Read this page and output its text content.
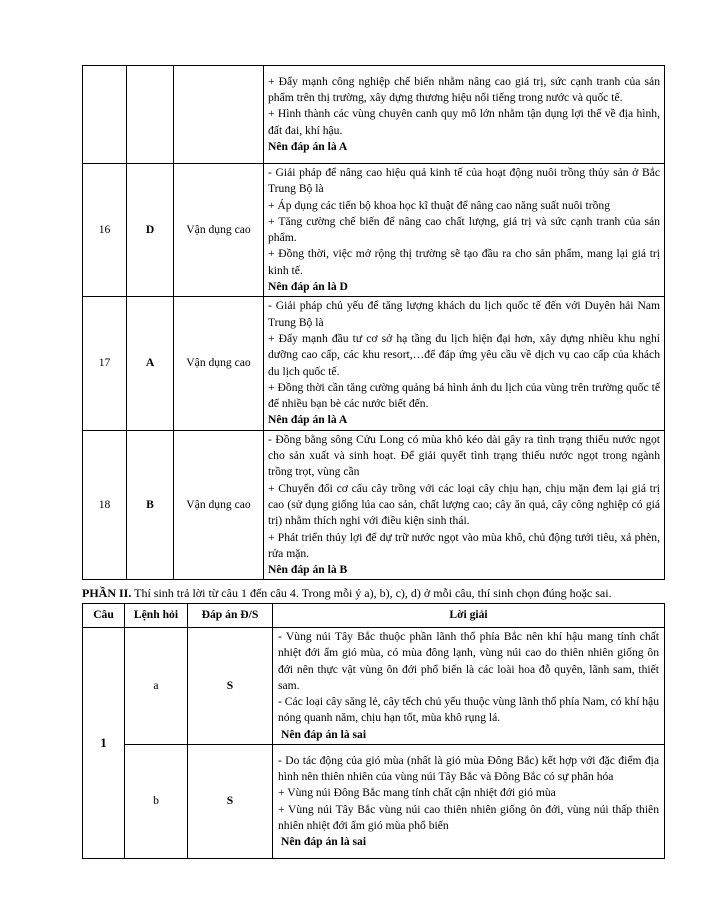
			+ Đẩy mạnh công nghiệp chế biến nhằm nâng cao giá trị, sức cạnh tranh của sản phẩm trên thị trường, xây dựng thương hiệu nổi tiếng trong nước và quốc tế.
+ Hình thành các vùng chuyên canh quy mô lớn nhằm tận dụng lợi thế về địa hình, đất đai, khí hậu.
Nên đáp án là A

16	D	Vận dụng cao	- Giải pháp để nâng cao hiệu quả kinh tế của hoạt động nuôi trồng thủy sản ở Bắc Trung Bộ là
+ Áp dụng các tiến bộ khoa học kĩ thuật để nâng cao năng suất nuôi trồng
+ Tăng cường chế biến để nâng cao chất lượng, giá trị và sức cạnh tranh của sản phẩm.
+ Đồng thời, việc mở rộng thị trường sẽ tạo đầu ra cho sản phẩm, mang lại giá trị kinh tế.
Nên đáp án là D

17	A	Vận dụng cao	- Giải pháp chủ yếu để tăng lượng khách du lịch quốc tế đến với Duyên hải Nam Trung Bộ là
+ Đẩy mạnh đầu tư cơ sở hạ tầng du lịch hiện đại hơn, xây dựng nhiều khu nghỉ dưỡng cao cấp, các khu resort,…để đáp ứng yêu cầu về dịch vụ cao cấp của khách du lịch quốc tế.
+ Đồng thời cần tăng cường quảng bá hình ảnh du lịch của vùng trên trường quốc tế để nhiều bạn bè các nước biết đến.
Nên đáp án là A

18	B	Vận dụng cao	- Đồng bằng sông Cửu Long có mùa khô kéo dài gây ra tình trạng thiếu nước ngọt cho sản xuất và sinh hoạt. Để giải quyết tình trạng thiếu nước ngọt trong ngành trồng trọt, vùng cần
+ Chuyển đổi cơ cấu cây trồng với các loại cây chịu hạn, chịu mặn đem lại giá trị cao (sử dụng giống lúa cao sản, chất lượng cao; cây ăn quả, cây công nghiệp có giá trị) nhằm thích nghi với điều kiện sinh thái.
+ Phát triển thủy lợi để dự trữ nước ngọt vào mùa khô, chủ động tưới tiêu, xả phèn, rửa mặn.
Nên đáp án là B
PHẦN II. Thí sinh trả lời từ câu 1 đến câu 4. Trong mỗi ý a), b), c), d) ở mỗi câu, thí sinh chọn đúng hoặc sai.
Câu	Lệnh hỏi	Đáp án Đ/S	Lời giải
1	a	S	- Vùng núi Tây Bắc thuộc phần lãnh thổ phía Bắc nên khí hậu mang tính chất nhiệt đới ẩm gió mùa, có mùa đông lạnh, vùng núi cao do thiên nhiên giống ôn đới nên thực vật vùng ôn đới phổ biến là các loài hoa đỗ quyên, lãnh sam, thiết sam.
- Các loại cây săng lẻ, cây tếch chủ yếu thuộc vùng lãnh thổ phía Nam, có khí hậu nóng quanh năm, chịu hạn tốt, mùa khô rụng lá.
Nên đáp án là sai

	b	S	- Do tác động của gió mùa (nhất là gió mùa Đông Bắc) kết hợp với đặc điểm địa hình nên thiên nhiên của vùng núi Tây Bắc và Đông Bắc có sự phân hóa
+ Vùng núi Đông Bắc mang tính chất cận nhiệt đới gió mùa
+ Vùng núi Tây Bắc vùng núi cao thiên nhiên giống ôn đới, vùng núi thấp thiên nhiên nhiệt đới ẩm gió mùa phổ biến
Nên đáp án là sai
